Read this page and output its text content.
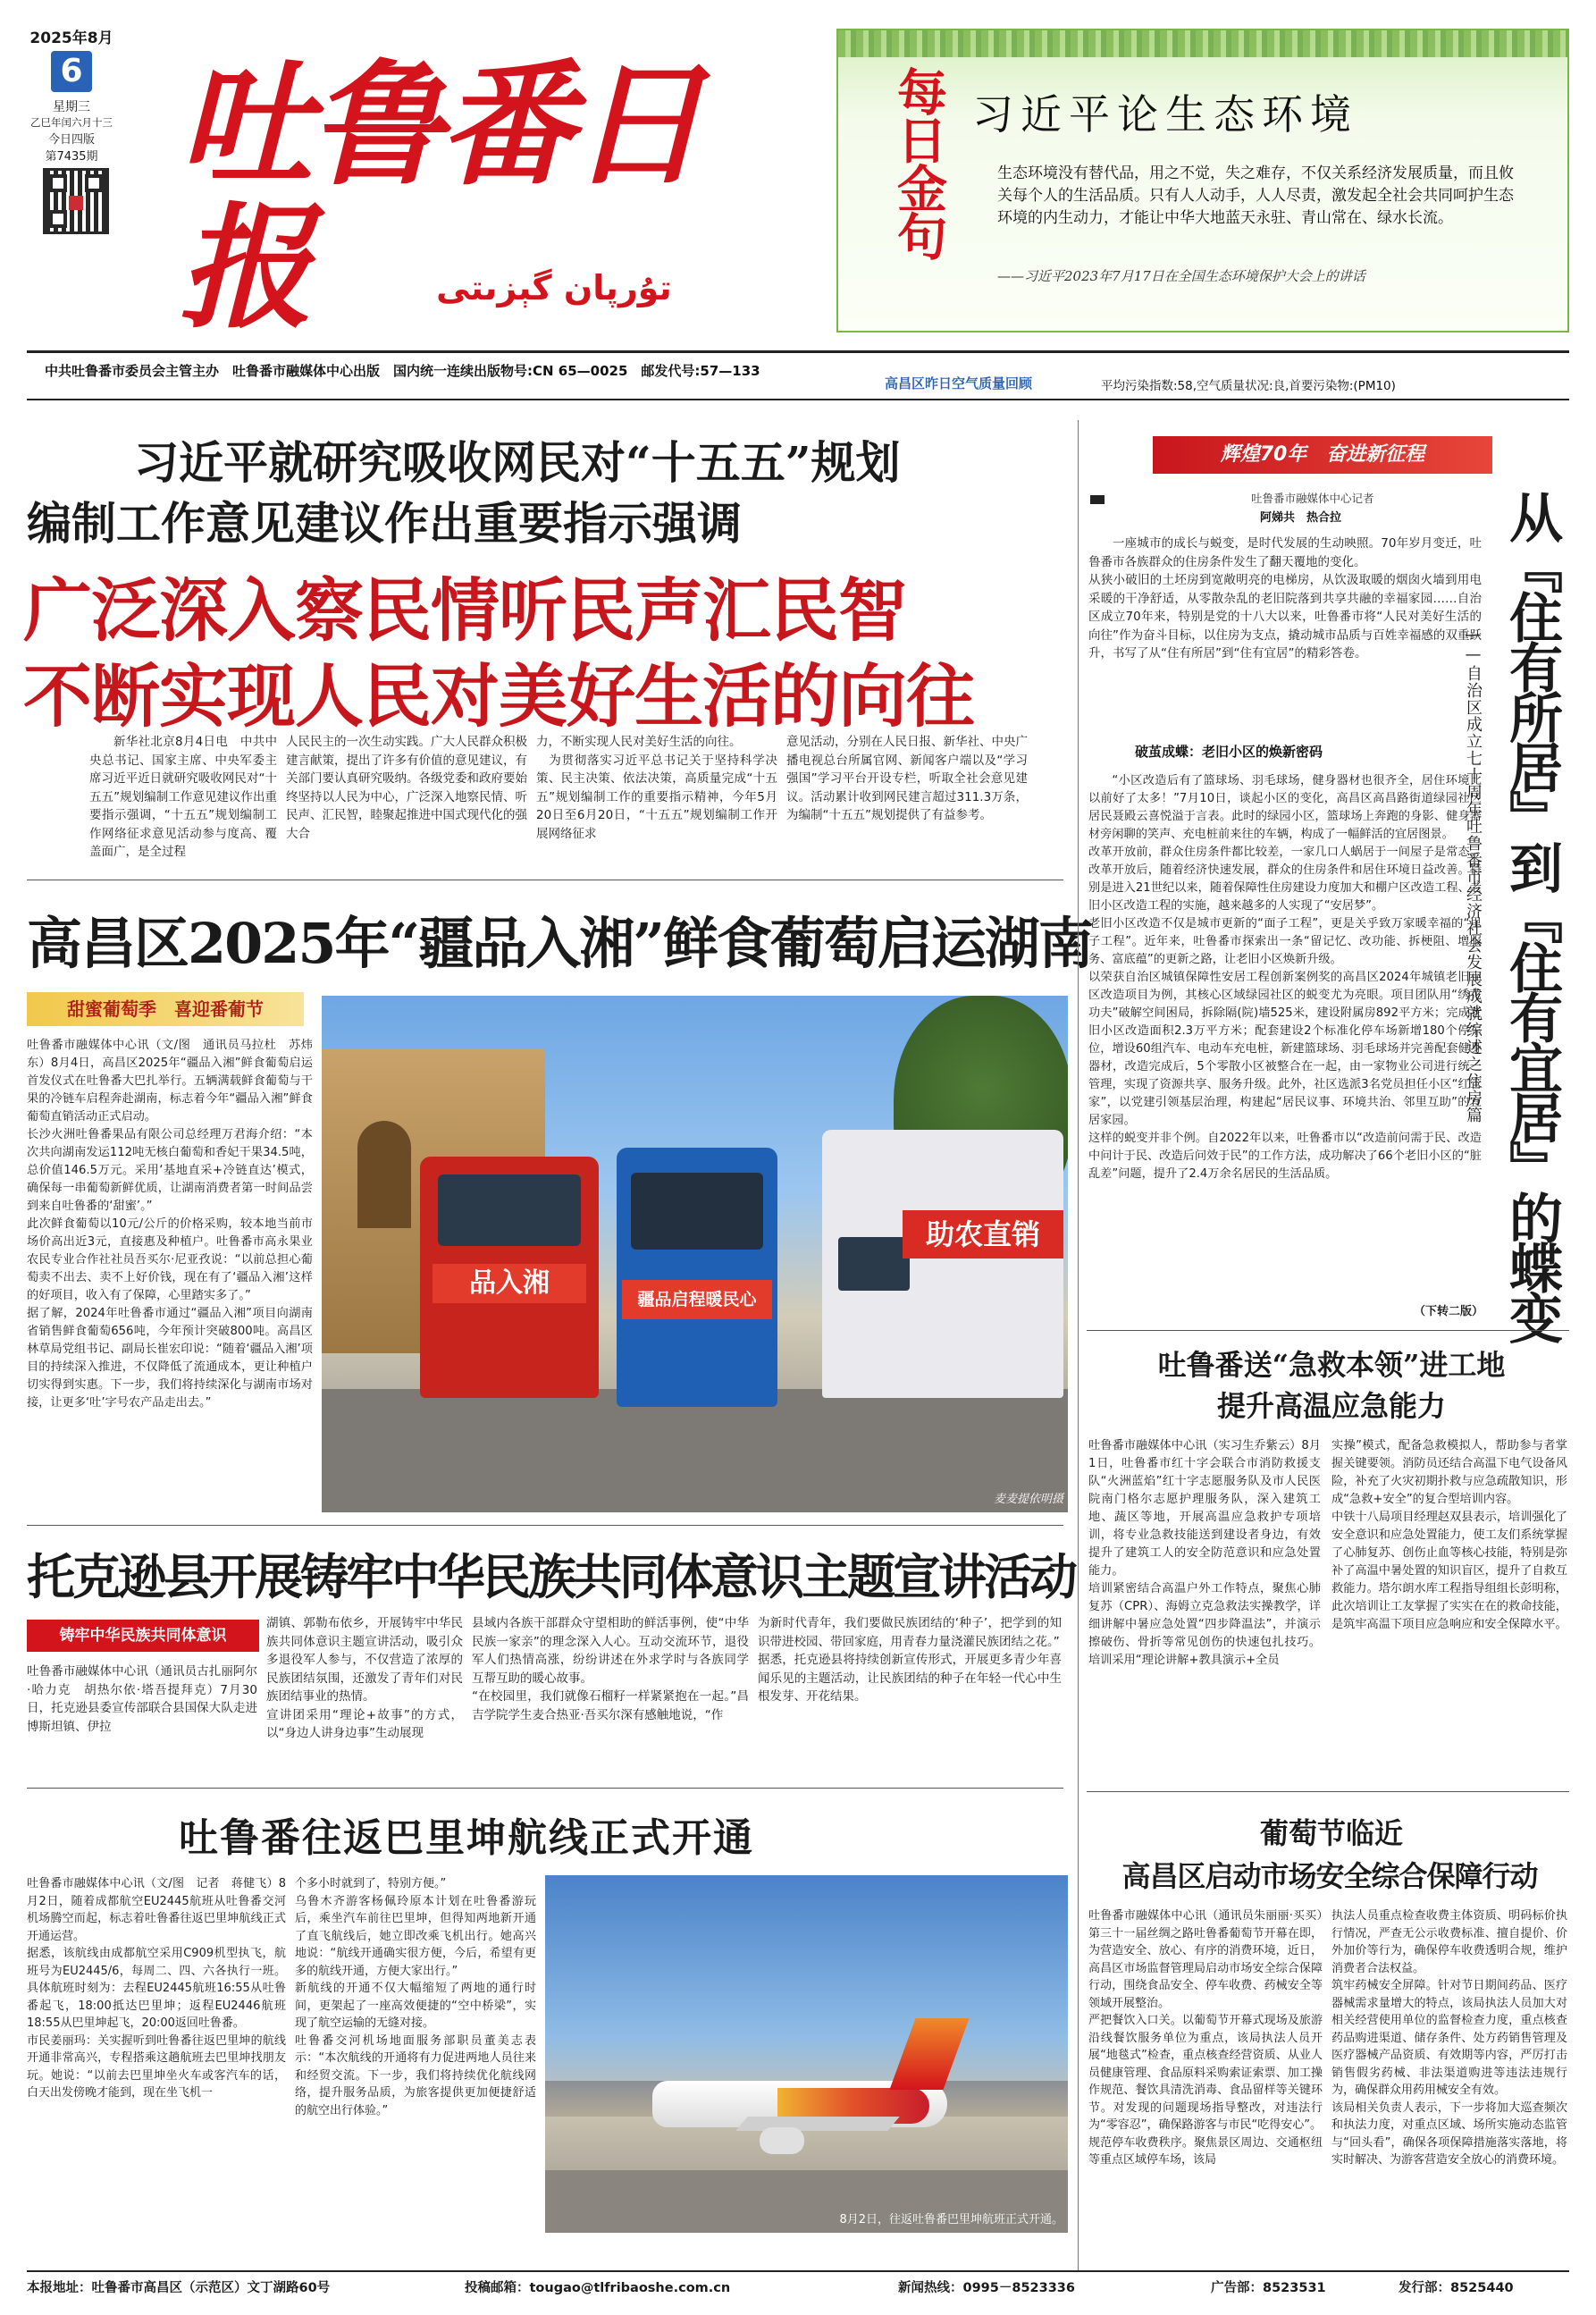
2025年8月
6
星期三
乙巳年闰六月十三
今日四版
第7435期 吐鲁番日报	تۇرپان گېزىتى
每日金句 习近平论生态环境
生态环境没有替代品，用之不觉，失之难存，不仅关系经济发展质量，而且攸关每个人的生活品质。只有人人动手，人人尽责，激发起全社会共同呵护生态环境的内生动力，才能让中华大地蓝天永驻、青山常在、绿水长流。
——习近平2023年7月17日在全国生态环境保护大会上的讲话
中共吐鲁番市委员会主管主办　吐鲁番市融媒体中心出版　国内统一连续出版物号:CN 65—0025　邮发代号:57—133
高昌区昨日空气质量回顾	平均污染指数:58,空气质量状况:良,首要污染物:(PM10)
习近平就研究吸收网民对“十五五”规划
编制工作意见建议作出重要指示强调
广泛深入察民情听民声汇民智
不断实现人民对美好生活的向往
新华社北京8月4日电　中共中央总书记、国家主席、中央军委主席习近平近日就研究吸收网民对“十五五”规划编制工作意见建议作出重要指示强调，“十五五”规划编制工作网络征求意见活动参与度高、覆盖面广，是全过程
人民民主的一次生动实践。广大人民群众积极建言献策，提出了许多有价值的意见建议，有关部门要认真研究吸纳。各级党委和政府要始终坚持以人民为中心，广泛深入地察民情、听民声、汇民智，睦聚起推进中国式现代化的强大合
力，不断实现人民对美好生活的向往。
　为贯彻落实习近平总书记关于坚持科学决策、民主决策、依法决策，高质量完成“十五五”规划编制工作的重要指示精神，今年5月20日至6月20日，“十五五”规划编制工作开展网络征求
意见活动，分别在人民日报、新华社、中央广播电视总台所属官网、新闻客户端以及“学习强国”学习平台开设专栏，听取全社会意见建议。活动累计收到网民建言超过311.3万条，为编制“十五五”规划提供了有益参考。
高昌区2025年“疆品入湘”鲜食葡萄启运湖南
甜蜜葡萄季　喜迎番葡节
吐鲁番市融媒体中心讯（文/图　通讯员马拉杜　苏炜东）8月4日，高昌区2025年“疆品入湘”鲜食葡萄启运首发仪式在吐鲁番大巴扎举行。五辆满载鲜食葡萄与干果的冷链车启程奔赴湖南，标志着今年“疆品入湘”鲜食葡萄直销活动正式启动。
长沙火洲吐鲁番果品有限公司总经理万君海介绍：“本次共向湖南发运112吨无核白葡萄和香妃干果34.5吨，总价值146.5万元。采用‘基地直采+冷链直达’模式，确保每一串葡萄新鲜优质，让湖南消费者第一时间品尝到来自吐鲁番的‘甜蜜’。”
此次鲜食葡萄以10元/公斤的价格采购，较本地当前市场价高出近3元，直接惠及种植户。吐鲁番市高永果业农民专业合作社社员吾买尔·尼亚孜说：“以前总担心葡萄卖不出去、卖不上好价钱，现在有了‘疆品入湘’这样的好项目，收入有了保障，心里踏实多了。”
据了解，2024年吐鲁番市通过“疆品入湘”项目向湖南省销售鲜食葡萄656吨，今年预计突破800吨。高昌区林草局党组书记、副局长崔宏印说：“随着‘疆品入湘’项目的持续深入推进，不仅降低了流通成本，更让种植户切实得到实惠。下一步，我们将持续深化与湖南市场对接，让更多‘吐’字号农产品走出去。”
品入湘
疆品启程暖民心
助农直销
麦麦提依明摄
托克逊县开展铸牢中华民族共同体意识主题宣讲活动
铸牢中华民族共同体意识
吐鲁番市融媒体中心讯（通讯员古扎丽阿尔·哈力克　胡热尔依·塔吾提拜克）7月30日，托克逊县委宣传部联合县国保大队走进博斯坦镇、伊拉
湖镇、郭勒布依乡，开展铸牢中华民族共同体意识主题宣讲活动，吸引众多退役军人参与，不仅营造了浓厚的民族团结氛围，还激发了青年们对民族团结事业的热情。
宣讲团采用“理论+故事”的方式，以“身边人讲身边事”生动展现
县域内各族干部群众守望相助的鲜活事例，使“中华民族一家亲”的理念深入人心。互动交流环节，退役军人们热情高涨，纷纷讲述在外求学时与各族同学互帮互助的暖心故事。
“在校园里，我们就像石榴籽一样紧紧抱在一起。”昌吉学院学生麦合热亚·吾买尔深有感触地说，“作
为新时代青年，我们要做民族团结的‘种子’，把学到的知识带进校园、带回家庭，用青春力量浇灌民族团结之花。”
据悉，托克逊县将持续创新宣传形式，开展更多青少年喜闻乐见的主题活动，让民族团结的种子在年轻一代心中生根发芽、开花结果。
吐鲁番往返巴里坤航线正式开通
吐鲁番市融媒体中心讯（文/图　记者　蒋健飞）8月2日，随着成都航空EU2445航班从吐鲁番交河机场腾空而起，标志着吐鲁番往返巴里坤航线正式开通运营。
据悉，该航线由成都航空采用C909机型执飞，航班号为EU2445/6，每周二、四、六各执行一班。具体航班时刻为：去程EU2445航班16:55从吐鲁番起飞，18:00抵达巴里坤；返程EU2446航班18:55从巴里坤起飞，20:00返回吐鲁番。
市民姜丽玛：关实握听到吐鲁番往返巴里坤的航线开通非常高兴，专程搭乘这趟航班去巴里坤找朋友玩。她说：“以前去巴里坤坐火车或客汽车的话，白天出发傍晚才能到，现在坐飞机一
个多小时就到了，特别方便。”
乌鲁木齐游客杨佩玲原本计划在吐鲁番游玩后，乘坐汽车前往巴里坤，但得知两地新开通了直飞航线后，她立即改乘飞机出行。她高兴地说：“航线开通确实很方便，今后，希望有更多的航线开通，方便大家出行。”
新航线的开通不仅大幅缩短了两地的通行时间，更架起了一座高效便捷的“空中桥梁”，实现了航空运输的无缝对接。
吐鲁番交河机场地面服务部职员董美志表示：“本次航线的开通将有力促进两地人员往来和经贸交流。下一步，我们将持续优化航线网络，提升服务品质，为旅客提供更加便捷舒适的航空出行体验。”
8月2日，往返吐鲁番巴里坤航班正式开通。
辉煌70年　奋进新征程
吐鲁番市融媒体中心记者
阿娣共　热合拉
一座城市的成长与蜕变，是时代发展的生动映照。70年岁月变迁，吐鲁番市各族群众的住房条件发生了翻天覆地的变化。
从狭小破旧的土坯房到宽敞明亮的电梯房，从饮汲取暖的烟囱火墙到用电采暖的干净舒适，从零散杂乱的老旧院落到共享共融的幸福家园……自治区成立70年来，特别是党的十八大以来，吐鲁番市将“人民对美好生活的向往”作为奋斗目标，以住房为支点，撬动城市品质与百姓幸福感的双重跃升，书写了从“住有所居”到“住有宜居”的精彩答卷。
破茧成蝶：老旧小区的焕新密码
“小区改造后有了篮球场、羽毛球场，健身器材也很齐全，居住环境比以前好了太多！”7月10日，谈起小区的变化，高昌区高昌路街道绿园社区居民聂殿云喜悦溢于言表。此时的绿园小区，篮球场上奔跑的身影、健身器材旁闲聊的笑声、充电桩前来往的车辆，构成了一幅鲜活的宜居图景。
改革开放前，群众住房条件都比较差，一家几口人蜗居于一间屋子是常态。改革开放后，随着经济快速发展，群众的住房条件和居住环境日益改善。特别是进入21世纪以来，随着保障性住房建设力度加大和棚户区改造工程、老旧小区改造工程的实施，越来越多的人实现了“安居梦”。
老旧小区改造不仅是城市更新的“面子工程”，更是关乎致万家暖幸福的“里子工程”。近年来，吐鲁番市探索出一条“留记忆、改功能、拆梗阻、增服务、富底蕴”的更新之路，让老旧小区焕新升级。
以荣获自治区城镇保障性安居工程创新案例奖的高昌区2024年城镇老旧小区改造项目为例，其核心区域绿园社区的蜕变尤为亮眼。项目团队用“绣花功夫”破解空间困局，拆除隔(院)墙525米，建设附属房892平方米；完成老旧小区改造面积2.3万平方米；配套建设2个标准化停车场新增180个停车位，增设60组汽车、电动车充电桩，新建篮球场、羽毛球场并完善配套健身器材，改造完成后，5个零散小区被整合在一起，由一家物业公司进行统一管理，实现了资源共享、服务升级。此外，社区选派3名党员担任小区“红管家”，以党建引领基层治理，构建起“居民议事、环境共治、邻里互助”的宜居家园。
这样的蜕变并非个例。自2022年以来，吐鲁番市以“改造前问需于民、改造中问计于民、改造后问效于民”的工作方法，成功解决了66个老旧小区的“脏乱差”问题，提升了2.4万余名居民的生活品质。
（下转二版） 从『住有所居』到『住有宜居』的蝶变
——自治区成立七十周年吐鲁番市经济社会发展成就综述之住房篇
吐鲁番送“急救本领”进工地
提升高温应急能力
吐鲁番市融媒体中心讯（实习生乔紫云）8月1日，吐鲁番市红十字会联合市消防救援支队“火洲蓝焰”红十字志愿服务队及市人民医院南门格尔志愿护理服务队，深入建筑工地、蔬区等地，开展高温应急救护专项培训，将专业急救技能送到建设者身边，有效提升了建筑工人的安全防范意识和应急处置能力。
培训紧密结合高温户外工作特点，聚焦心肺复苏（CPR）、海姆立克急救法实操教学，详细讲解中暑应急处置“四步降温法”，并演示擦破伤、骨折等常见创伤的快速包扎技巧。培训采用“理论讲解+教具演示+全员
实操”模式，配备急救模拟人，帮助参与者掌握关键要领。消防员还结合高温下电气设备风险，补充了火灾初期扑救与应急疏散知识，形成“急救+安全”的复合型培训内容。
中铁十八局项目经理赵双县表示，培训强化了安全意识和应急处置能力，使工友们系统掌握了心肺复苏、创伤止血等核心技能，特别是弥补了高温中暑处置的知识盲区，提升了自救互救能力。塔尔朗水库工程指导组组长彭明称，此次培训让工友掌握了实实在在的救命技能，是筑牢高温下项目应急响应和安全保障水平。
葡萄节临近
高昌区启动市场安全综合保障行动
吐鲁番市融媒体中心讯（通讯员朱丽丽·买买）第三十一届丝绸之路吐鲁番葡萄节开幕在即，为营造安全、放心、有序的消费环境，近日，高昌区市场监督管理局启动市场安全综合保障行动，围绕食品安全、停车收费、药械安全等领域开展整治。
严把餐饮入口关。以葡萄节开幕式现场及旅游沿线餐饮服务单位为重点，该局执法人员开展“地毯式”检查，重点核查经营资质、从业人员健康管理、食品原料采购索证索票、加工操作规范、餐饮具清洗消毒、食品留样等关键环节。对发现的问题现场指导整改，对违法行为“零容忍”，确保路游客与市民“吃得安心”。
规范停车收费秩序。聚焦景区周边、交通枢纽等重点区域停车场，该局
执法人员重点检查收费主体资质、明码标价执行情况，严查无公示收费标准、擅自提价、价外加价等行为，确保停车收费透明合规，维护消费者合法权益。
筑牢药械安全屏障。针对节日期间药品、医疗器械需求量增大的特点，该局执法人员加大对相关经营使用单位的监督检查力度，重点核查药品购进渠道、储存条件、处方药销售管理及医疗器械产品资质、有效期等内容，严厉打击销售假劣药械、非法渠道购进等违法违规行为，确保群众用药用械安全有效。
该局相关负责人表示，下一步将加大巡查频次和执法力度，对重点区域、场所实施动态监管与“回头看”，确保各项保障措施落实落地，将实时解决、为游客营造安全放心的消费环境。
本报地址：吐鲁番市高昌区（示范区）文丁湖路60号	投稿邮箱：tougao@tlfribaoshe.com.cn	新闻热线：0995－8523336	广告部：8523531	发行部：8525440
